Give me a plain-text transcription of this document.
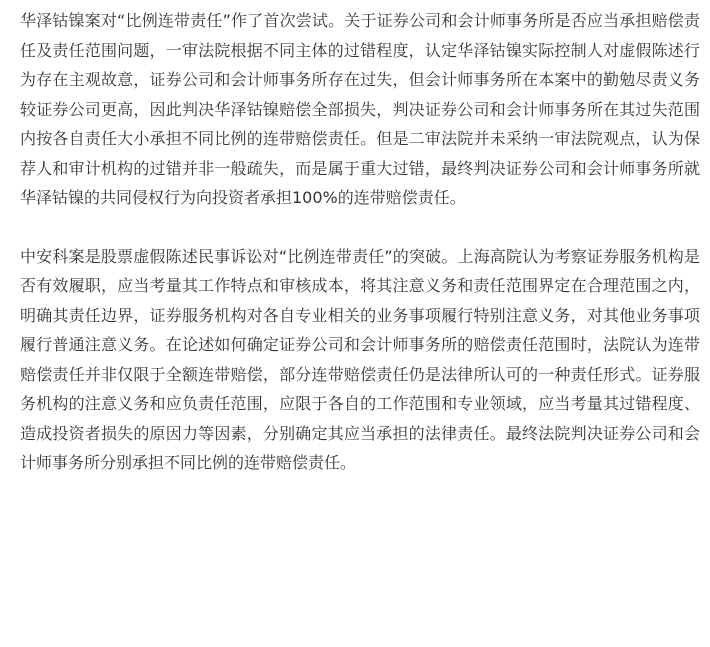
华泽钴镍案对“比例连带责任”作了首次尝试。关于证券公司和会计师事务所是否应当承担赔偿责任及责任范围问题，一审法院根据不同主体的过错程度，认定华泽钴镍实际控制人对虚假陈述行为存在主观故意，证券公司和会计师事务所存在过失，但会计师事务所在本案中的勤勉尽责义务较证券公司更高，因此判决华泽钴镍赔偿全部损失，判决证券公司和会计师事务所在其过失范围内按各自责任大小承担不同比例的连带赔偿责任。但是二审法院并未采纳一审法院观点，认为保荐人和审计机构的过错并非一般疏失，而是属于重大过错，最终判决证券公司和会计师事务所就华泽钴镍的共同侵权行为向投资者承担100%的连带赔偿责任。

中安科案是股票虚假陈述民事诉讼对“比例连带责任”的突破。上海高院认为考察证券服务机构是否有效履职，应当考量其工作特点和审核成本，将其注意义务和责任范围界定在合理范围之内，明确其责任边界，证券服务机构对各自专业相关的业务事项履行特别注意义务，对其他业务事项履行普通注意义务。在论述如何确定证券公司和会计师事务所的赔偿责任范围时，法院认为连带赔偿责任并非仅限于全额连带赔偿，部分连带赔偿责任仍是法律所认可的一种责任形式。证券服务机构的注意义务和应负责任范围，应限于各自的工作范围和专业领域，应当考量其过错程度、造成投资者损失的原因力等因素，分别确定其应当承担的法律责任。最终法院判决证券公司和会计师事务所分别承担不同比例的连带赔偿责任。
